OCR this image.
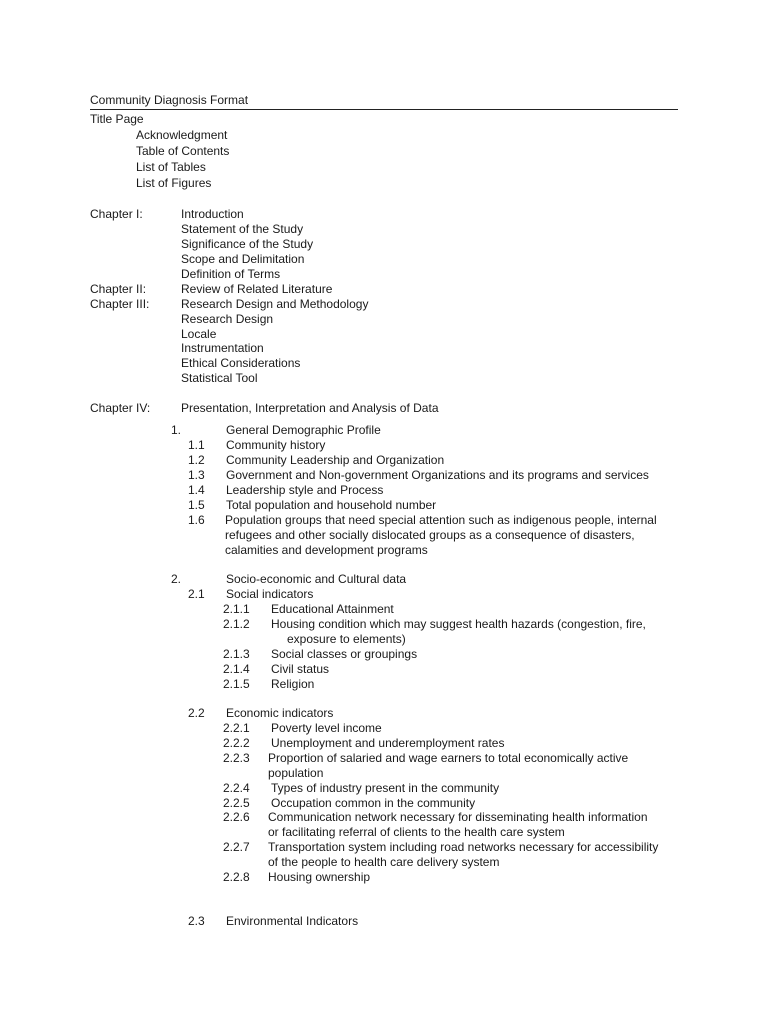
Community Diagnosis Format
Title Page
Acknowledgment
Table of Contents
List of Tables
List of Figures
Chapter I:	Introduction
Statement of the Study
Significance of the Study
Scope and Delimitation
Definition of Terms
Chapter II:	Review of Related Literature
Chapter III:	Research Design and Methodology
Research Design
Locale
Instrumentation
Ethical Considerations
Statistical Tool
Chapter IV:	Presentation, Interpretation and Analysis of Data
1.	General Demographic Profile
1.1 Community history
1.2 Community Leadership and Organization
1.3 Government and Non-government Organizations and its programs and services
1.4 Leadership style and Process
1.5 Total population and household number
1.6 Population groups that need special attention such as indigenous people, internal
refugees and other socially dislocated groups as a consequence of disasters,
calamities and development programs
2.	Socio-economic and Cultural data
2.1 Social indicators
2.1.1 Educational Attainment
2.1.2 Housing condition which may suggest health hazards (congestion, fire,
exposure to elements)
2.1.3 Social classes or groupings
2.1.4 Civil status
2.1.5 Religion
2.2 Economic indicators
2.2.1 Poverty level income
2.2.2 Unemployment and underemployment rates
2.2.3 Proportion of salaried and wage earners to total economically active
population
2.2.4 Types of industry present in the community
2.2.5 Occupation common in the community
2.2.6 Communication network necessary for disseminating health information
or facilitating referral of clients to the health care system
2.2.7 Transportation system including road networks necessary for accessibility
of the people to health care delivery system
2.2.8 Housing ownership
2.3 Environmental Indicators
